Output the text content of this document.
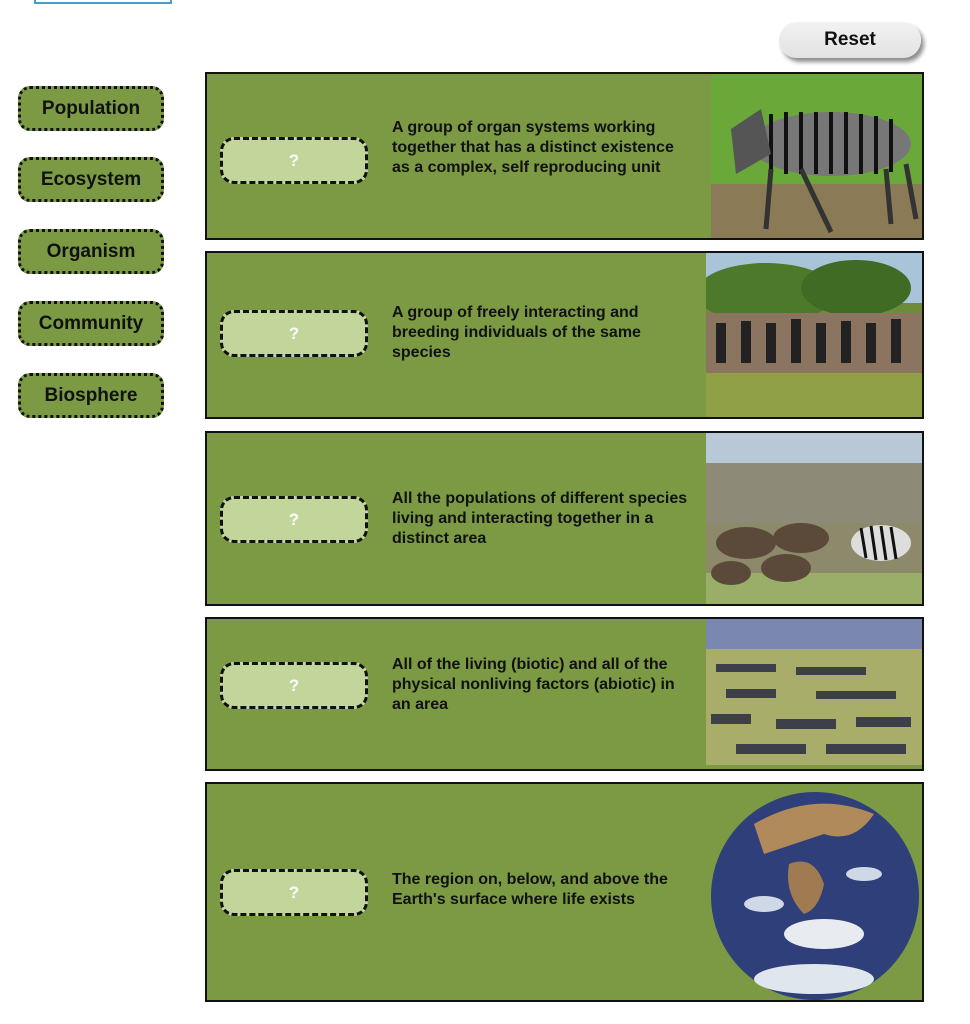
Reset
Population
Ecosystem
Organism
Community
Biosphere
?
A group of organ systems working together that has a distinct existence as a complex, self reproducing unit
?
A group of freely interacting and breeding individuals of the same species
?
All the populations of different species living and interacting together in a distinct area
?
All of the living (biotic) and all of the physical nonliving factors (abiotic) in an area
?
The region on, below, and above the Earth's surface where life exists
